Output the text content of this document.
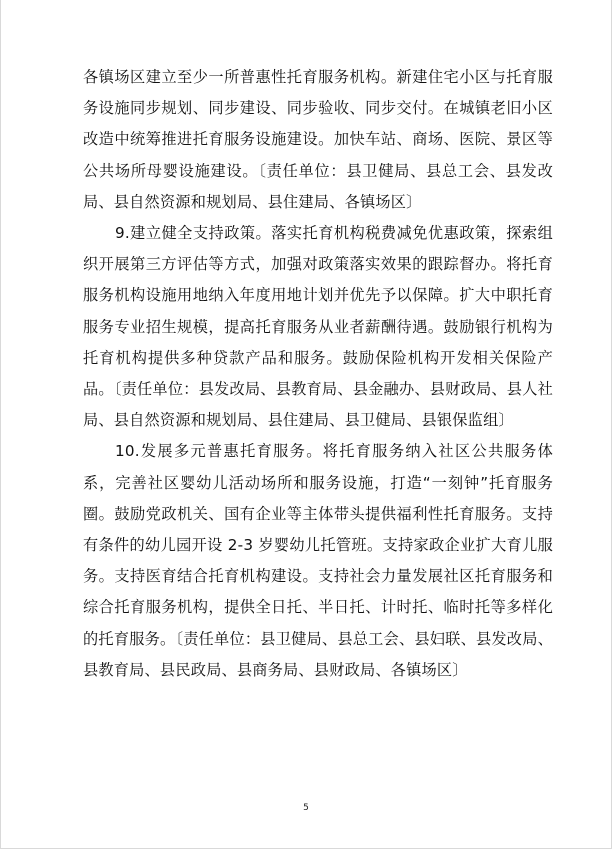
各镇场区建立至少一所普惠性托育服务机构。新建住宅小区与托育服务设施同步规划、同步建设、同步验收、同步交付。在城镇老旧小区改造中统筹推进托育服务设施建设。加快车站、商场、医院、景区等公共场所母婴设施建设。〔责任单位：县卫健局、县总工会、县发改局、县自然资源和规划局、县住建局、各镇场区〕

9.建立健全支持政策。落实托育机构税费减免优惠政策，探索组织开展第三方评估等方式，加强对政策落实效果的跟踪督办。将托育服务机构设施用地纳入年度用地计划并优先予以保障。扩大中职托育服务专业招生规模，提高托育服务从业者薪酬待遇。鼓励银行机构为托育机构提供多种贷款产品和服务。鼓励保险机构开发相关保险产品。〔责任单位：县发改局、县教育局、县金融办、县财政局、县人社局、县自然资源和规划局、县住建局、县卫健局、县银保监组〕

10.发展多元普惠托育服务。将托育服务纳入社区公共服务体系，完善社区婴幼儿活动场所和服务设施，打造“一刻钟”托育服务圈。鼓励党政机关、国有企业等主体带头提供福利性托育服务。支持有条件的幼儿园开设 2-3 岁婴幼儿托管班。支持家政企业扩大育儿服务。支持医育结合托育机构建设。支持社会力量发展社区托育服务和综合托育服务机构，提供全日托、半日托、计时托、临时托等多样化的托育服务。〔责任单位：县卫健局、县总工会、县妇联、县发改局、县教育局、县民政局、县商务局、县财政局、各镇场区〕

5
